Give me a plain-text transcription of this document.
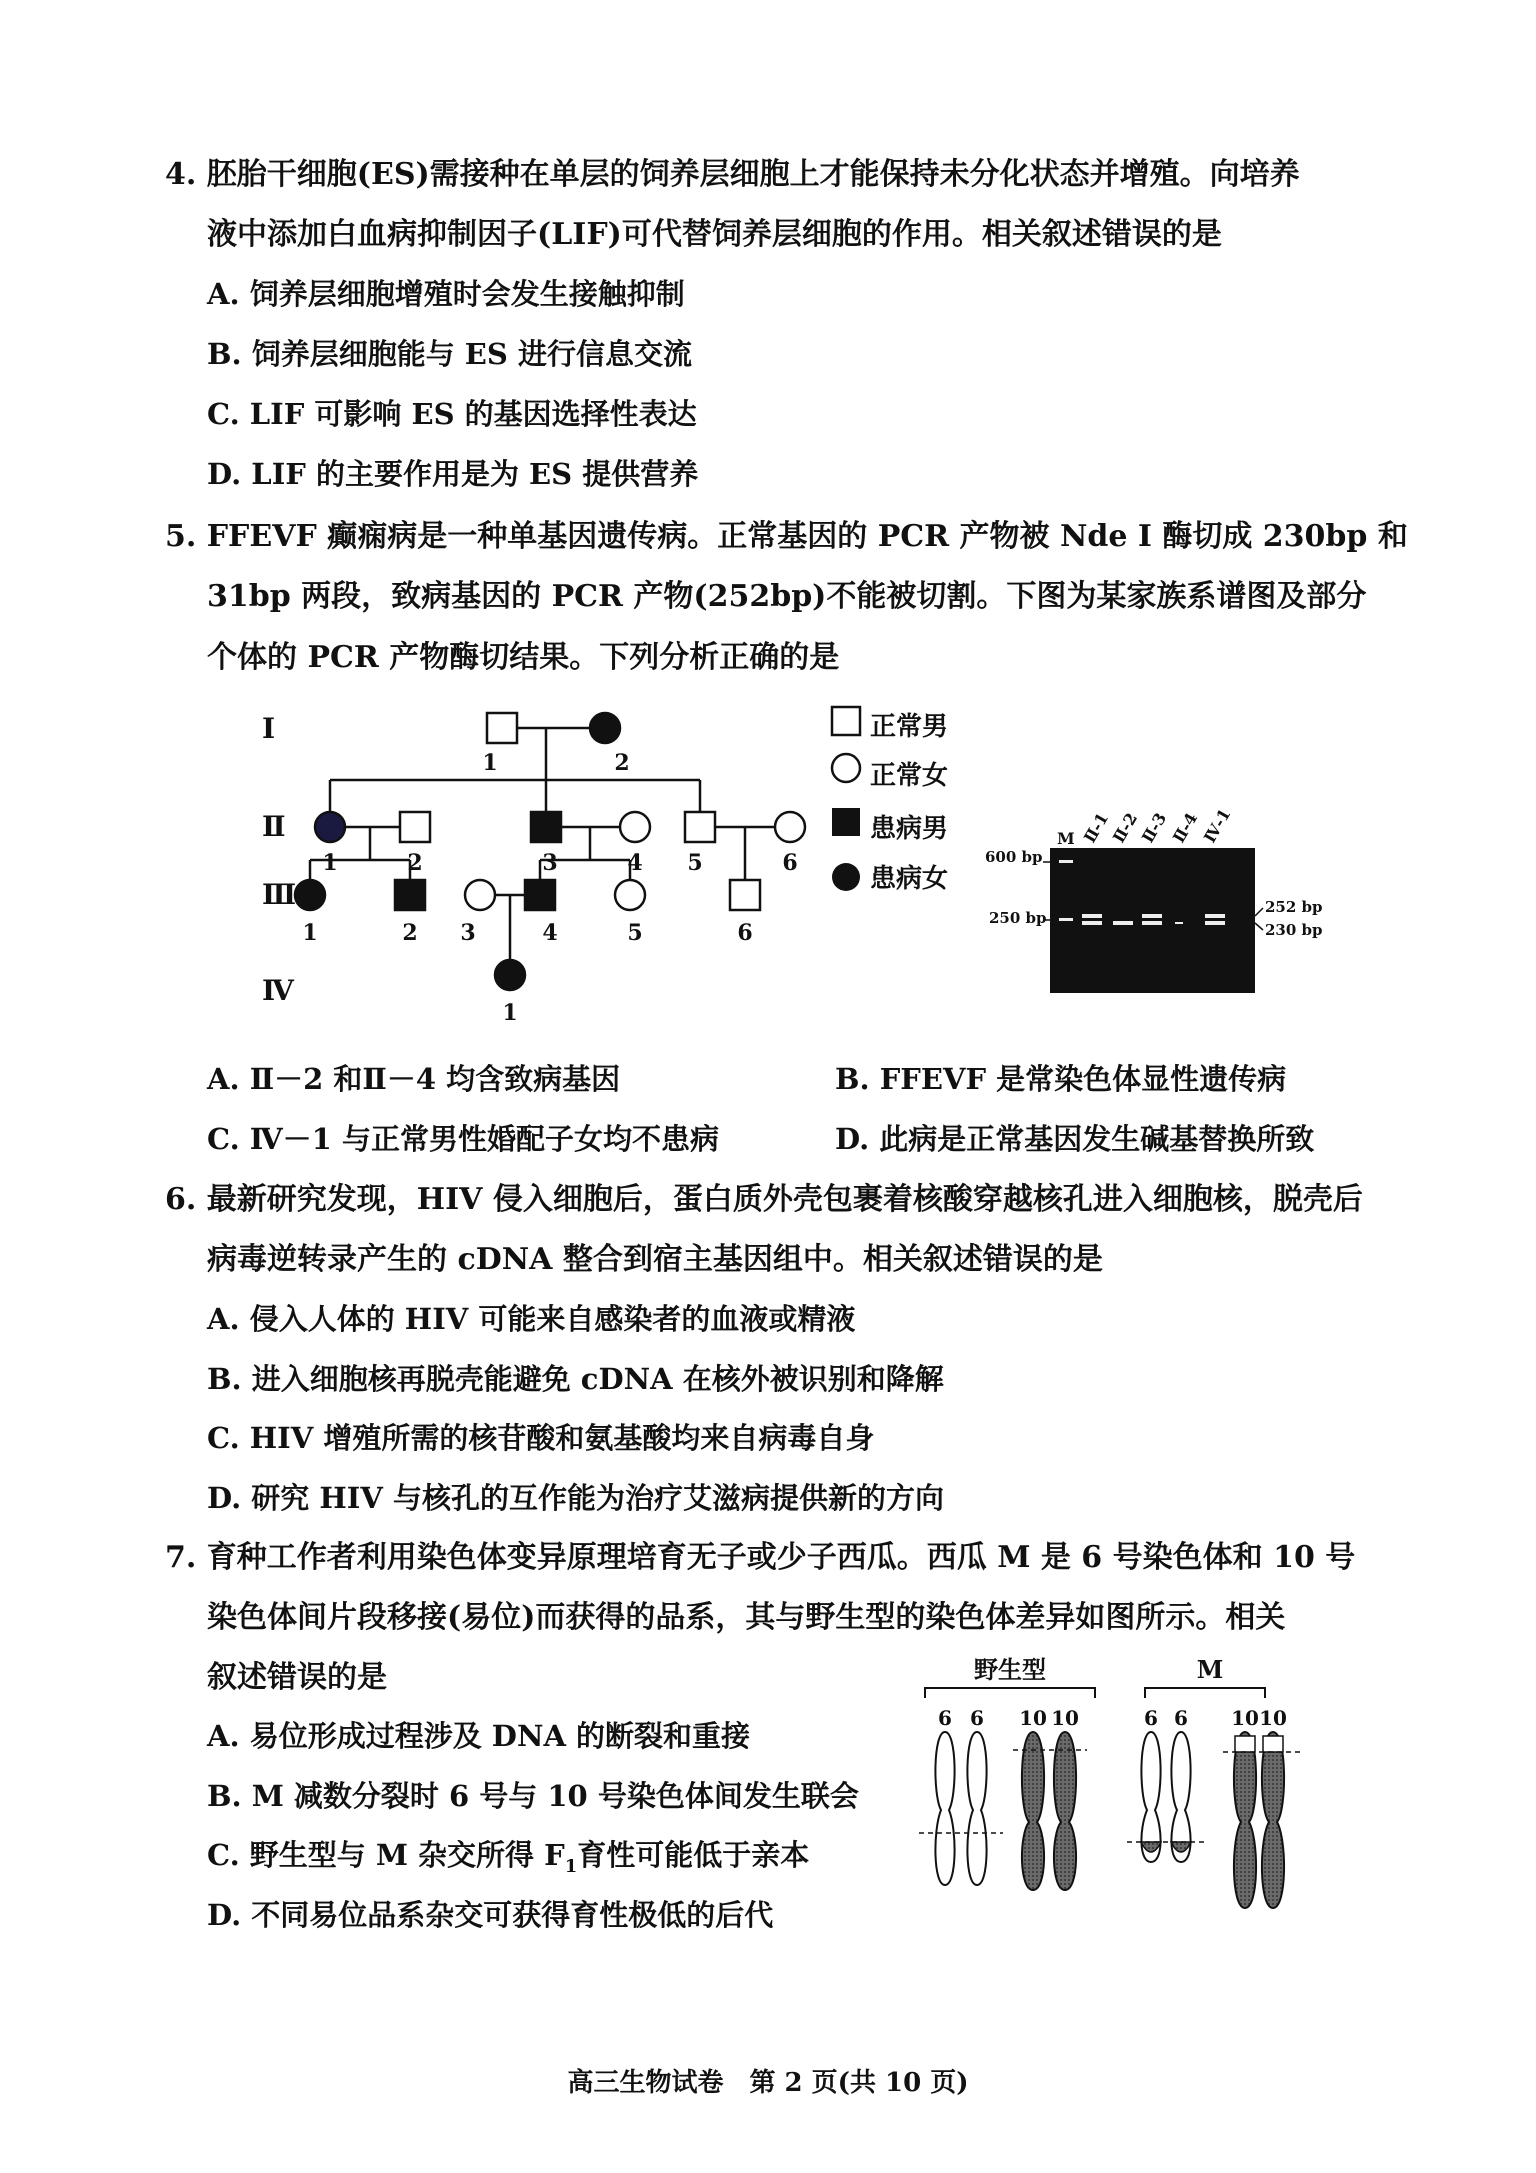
4. 胚胎干细胞(ES)需接种在单层的饲养层细胞上才能保持未分化状态并增殖。向培养
液中添加白血病抑制因子(LIF)可代替饲养层细胞的作用。相关叙述错误的是
A. 饲养层细胞增殖时会发生接触抑制
B. 饲养层细胞能与 ES 进行信息交流
C. LIF 可影响 ES 的基因选择性表达
D. LIF 的主要作用是为 ES 提供营养
5. FFEVF 癫痫病是一种单基因遗传病。正常基因的 PCR 产物被 Nde I 酶切成 230bp 和
31bp 两段，致病基因的 PCR 产物(252bp)不能被切割。下图为某家族系谱图及部分
个体的 PCR 产物酶切结果。下列分析正确的是
Ⅰ
Ⅱ
Ⅲ
Ⅳ
1	2
1	2	3	4 5	6
1	2 3	4	5	6
1
正常男
正常女
患病男
患病女
M Ⅱ-1
Ⅱ-2
Ⅱ-3
Ⅱ-4
Ⅳ-1
600 bp
250 bp
252 bp
230 bp
A. Ⅱ－2 和Ⅱ－4 均含致病基因	B. FFEVF 是常染色体显性遗传病
C. Ⅳ－1 与正常男性婚配子女均不患病	D. 此病是正常基因发生碱基替换所致
6. 最新研究发现，HIV 侵入细胞后，蛋白质外壳包裹着核酸穿越核孔进入细胞核，脱壳后
病毒逆转录产生的 cDNA 整合到宿主基因组中。相关叙述错误的是
A. 侵入人体的 HIV 可能来自感染者的血液或精液
B. 进入细胞核再脱壳能避免 cDNA 在核外被识别和降解
C. HIV 增殖所需的核苷酸和氨基酸均来自病毒自身
D. 研究 HIV 与核孔的互作能为治疗艾滋病提供新的方向
7. 育种工作者利用染色体变异原理培育无子或少子西瓜。西瓜 M 是 6 号染色体和 10 号
染色体间片段移接(易位)而获得的品系，其与野生型的染色体差异如图所示。相关
叙述错误的是
A. 易位形成过程涉及 DNA 的断裂和重接
B. M 减数分裂时 6 号与 10 号染色体间发生联会
C. 野生型与 M 杂交所得 $F_1$育性可能低于亲本
D. 不同易位品系杂交可获得育性极低的后代
野生型	M
6 6 10 10	6 6 10 10
高三生物试卷　第 2 页(共 10 页)
